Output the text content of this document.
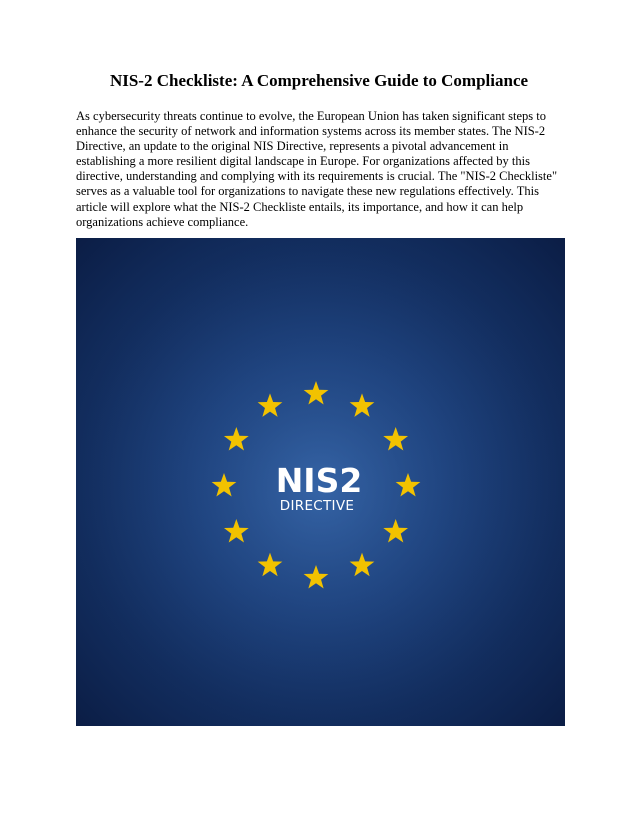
NIS-2 Checkliste: A Comprehensive Guide to Compliance

As cybersecurity threats continue to evolve, the European Union has taken significant steps to enhance the security of network and information systems across its member states. The NIS-2 Directive, an update to the original NIS Directive, represents a pivotal advancement in establishing a more resilient digital landscape in Europe. For organizations affected by this directive, understanding and complying with its requirements is crucial. The "NIS-2 Checkliste" serves as a valuable tool for organizations to navigate these new regulations effectively. This article will explore what the NIS-2 Checkliste entails, its importance, and how it can help organizations achieve compliance.

NIS2
DIRECTIVE
